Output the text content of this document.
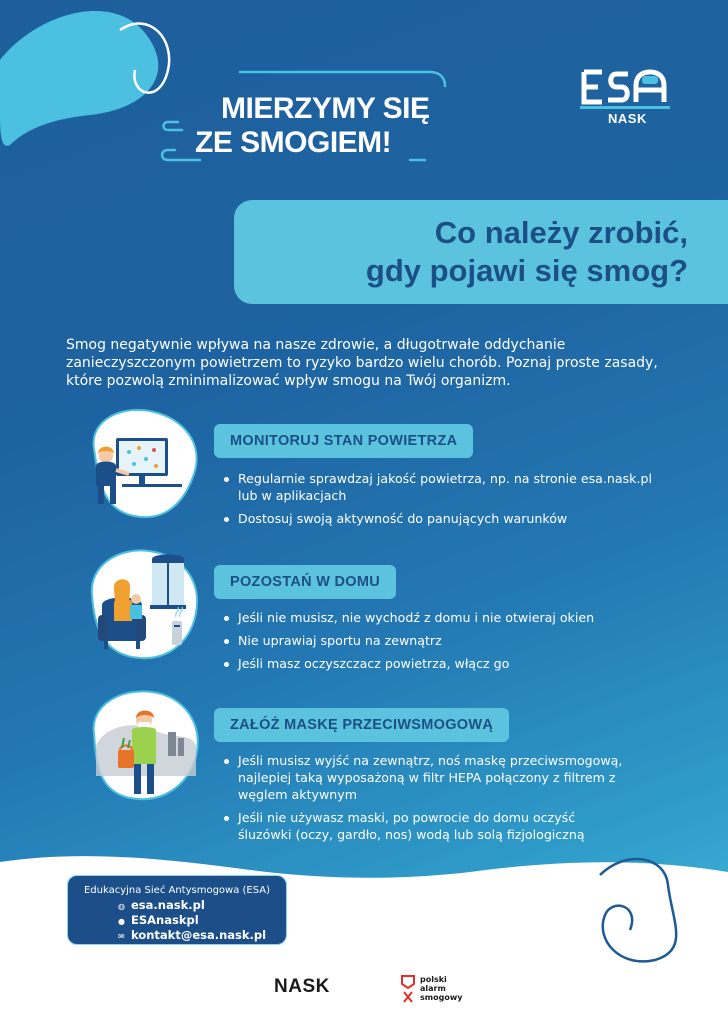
MIERZYMY SIĘ
ZE SMOGIEM!
NASK
Co należy zrobić,
gdy pojawi się smog?

Smog negatywnie wpływa na nasze zdrowie, a długotrwałe oddychanie zanieczyszczonym powietrzem to ryzyko bardzo wielu chorób. Poznaj proste zasady, które pozwolą zminimalizować wpływ smogu na Twój organizm.

MONITORUJ STAN POWIETRZA
Regularnie sprawdzaj jakość powietrza, np. na stronie esa.nask.pl lub w aplikacjach
Dostosuj swoją aktywność do panujących warunków
POZOSTAŃ W DOMU
Jeśli nie musisz, nie wychodź z domu i nie otwieraj okien
Nie uprawiaj sportu na zewnątrz
Jeśli masz oczyszczacz powietrza, włącz go
ZAŁÓŻ MASKĘ PRZECIWSMOGOWĄ
Jeśli musisz wyjść na zewnątrz, noś maskę przeciwsmogową, najlepiej taką wyposażoną w filtr HEPA połączony z filtrem z węglem aktywnym
Jeśli nie używasz maski, po powrocie do domu oczyść śluzówki (oczy, gardło, nos) wodą lub solą fizjologiczną
Edukacyjna Sieć Antysmogowa (ESA)
◍ esa.nask.pl
● ESAnaskpl
✉ kontakt@esa.nask.pl
NASK	polski
alarm
smogowy
